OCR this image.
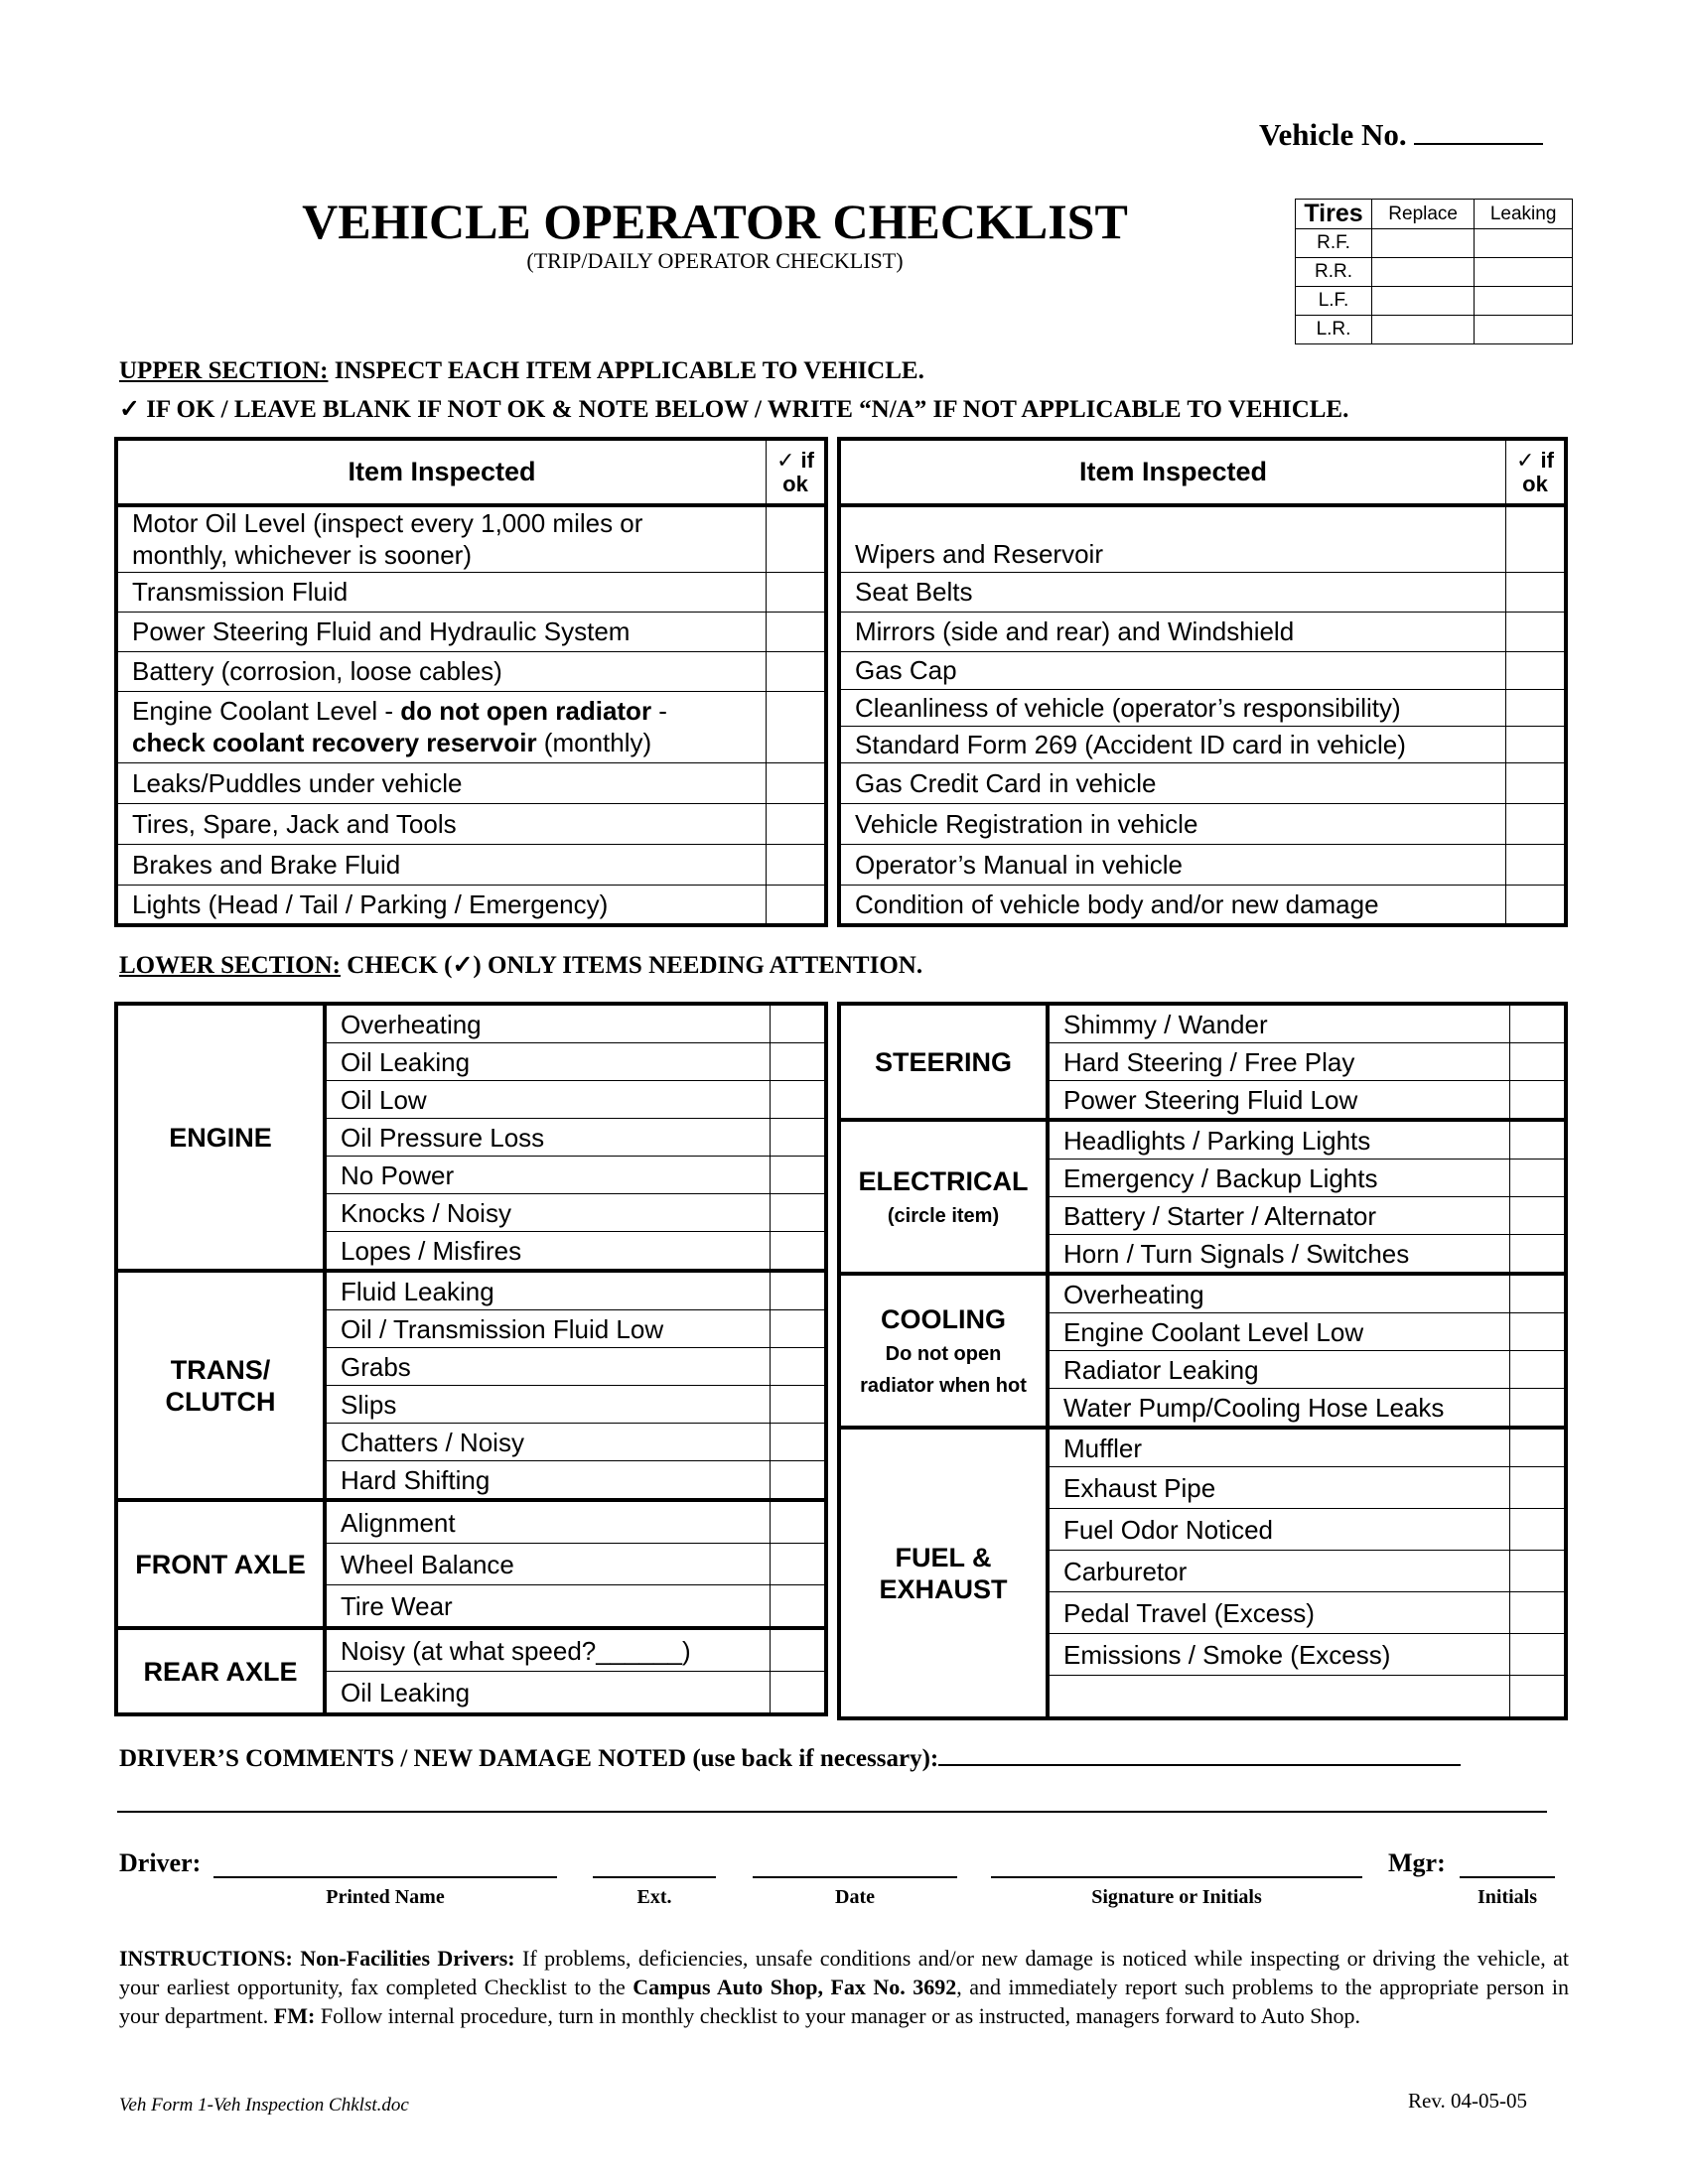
Vehicle No.
VEHICLE OPERATOR CHECKLIST
(TRIP/DAILY OPERATOR CHECKLIST)
Tires	Replace	Leaking
R.F.		
R.R.		
L.F.		
L.R.		
UPPER SECTION: INSPECT EACH ITEM APPLICABLE TO VEHICLE.
✓ IF OK / LEAVE BLANK IF NOT OK & NOTE BELOW / WRITE “N/A” IF NOT APPLICABLE TO VEHICLE.
Item Inspected	✓ if
ok
Motor Oil Level (inspect every 1,000 miles or
monthly, whichever is sooner)	
Transmission Fluid	
Power Steering Fluid and Hydraulic System	
Battery (corrosion, loose cables)	
Engine Coolant Level - do not open radiator -
check coolant recovery reservoir (monthly)	
Leaks/Puddles under vehicle	
Tires, Spare, Jack and Tools	
Brakes and Brake Fluid	
Lights (Head / Tail / Parking / Emergency)	
Item Inspected	✓ if
ok
Wipers and Reservoir	
Seat Belts	
Mirrors (side and rear) and Windshield	
Gas Cap	
Cleanliness of vehicle (operator’s responsibility)	
Standard Form 269 (Accident ID card in vehicle)	
Gas Credit Card in vehicle	
Vehicle Registration in vehicle	
Operator’s Manual in vehicle	
Condition of vehicle body and/or new damage	
LOWER SECTION: CHECK (✓) ONLY ITEMS NEEDING ATTENTION.
ENGINE	Overheating	
	Oil Leaking	
	Oil Low	
	Oil Pressure Loss	
	No Power	
	Knocks / Noisy	
	Lopes / Misfires	
TRANS/
CLUTCH	Fluid Leaking	
	Oil / Transmission Fluid Low	
	Grabs	
	Slips	
	Chatters / Noisy	
	Hard Shifting	
FRONT AXLE	Alignment	
	Wheel Balance	
	Tire Wear	
REAR AXLE	Noisy (at what speed?______)	
	Oil Leaking	
STEERING	Shimmy / Wander	
	Hard Steering / Free Play	
	Power Steering Fluid Low	
ELECTRICAL
(circle item)	Headlights / Parking Lights	
	Emergency / Backup Lights	
	Battery / Starter / Alternator	
	Horn / Turn Signals / Switches	
COOLING
Do not open
radiator when hot	Overheating	
	Engine Coolant Level Low	
	Radiator Leaking	
	Water Pump/Cooling Hose Leaks	
FUEL &
EXHAUST	Muffler	
	Exhaust Pipe	
	Fuel Odor Noticed	
	Carburetor	
	Pedal Travel (Excess)	
	Emissions / Smoke (Excess)	

DRIVER’S COMMENTS / NEW DAMAGE NOTED (use back if necessary):
Driver:	Mgr:
Printed Name	Ext.	Date	Signature or Initials	Initials
INSTRUCTIONS: Non-Facilities Drivers: If problems, deficiencies, unsafe conditions and/or new damage is noticed while inspecting or driving the vehicle, at your earliest opportunity, fax completed Checklist to the Campus Auto Shop, Fax No. 3692, and immediately report such problems to the appropriate person in your department. FM: Follow internal procedure, turn in monthly checklist to your manager or as instructed, managers forward to Auto Shop.
Veh Form 1-Veh Inspection Chklst.doc	Rev. 04-05-05
